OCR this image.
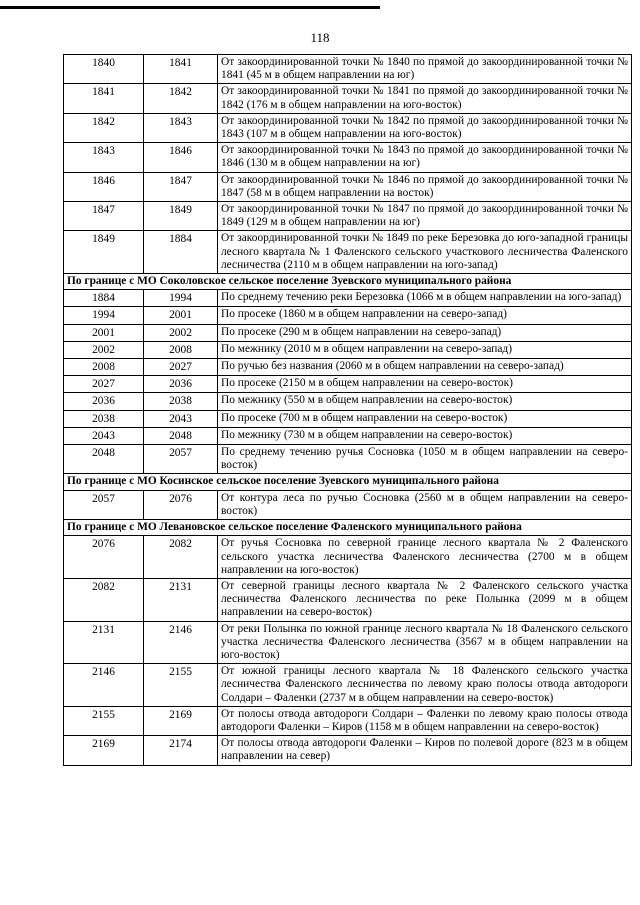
118
1840	1841	От закоординированной точки № 1840 по прямой до закоординированной точки № 1841 (45 м в общем направлении на юг)
1841	1842	От закоординированной точки № 1841 по прямой до закоординированной точки № 1842 (176 м в общем направлении на юго-восток)
1842	1843	От закоординированной точки № 1842 по прямой до закоординированной точки № 1843 (107 м в общем направлении на юго-восток)
1843	1846	От закоординированной точки № 1843 по прямой до закоординированной точки № 1846 (130 м в общем направлении на юг)
1846	1847	От закоординированной точки № 1846 по прямой до закоординированной точки № 1847 (58 м в общем направлении на восток)
1847	1849	От закоординированной точки № 1847 по прямой до закоординированной точки № 1849 (129 м в общем направлении на юг)
1849	1884	От закоординированной точки № 1849 по реке Березовка до юго-западной границы лесного квартала № 1 Фаленского сельского участкового лесничества Фаленского лесничества (2110 м в общем направлении на юго-запад)
По границе с МО Соколовское сельское поселение Зуевского муниципального района		
1884	1994	По среднему течению реки Березовка (1066 м в общем направлении на юго-запад)
1994	2001	По просеке (1860 м в общем направлении на северо-запад)
2001	2002	По просеке (290 м в общем направлении на северо-запад)
2002	2008	По межнику (2010 м в общем направлении на северо-запад)
2008	2027	По ручью без названия (2060 м в общем направлении на северо-запад)
2027	2036	По просеке (2150 м в общем направлении на северо-восток)
2036	2038	По межнику (550 м в общем направлении на северо-восток)
2038	2043	По просеке (700 м в общем направлении на северо-восток)
2043	2048	По межнику (730 м в общем направлении на северо-восток)
2048	2057	По среднему течению ручья Сосновка (1050 м в общем направлении на северо-восток)
По границе с МО Косинское сельское поселение Зуевского муниципального района		
2057	2076	От контура леса по ручью Сосновка (2560 м в общем направлении на северо-восток)
По границе с МО Левановское сельское поселение Фаленского муниципального района		
2076	2082	От ручья Сосновка по северной границе лесного квартала № 2 Фаленского сельского участка лесничества Фаленского лесничества (2700 м в общем направлении на юго-восток)
2082	2131	От северной границы лесного квартала № 2 Фаленского сельского участка лесничества Фаленского лесничества по реке Полынка (2099 м в общем направлении на северо-восток)
2131	2146	От реки Полынка по южной границе лесного квартала № 18 Фаленского сельского участка лесничества Фаленского лесничества (3567 м в общем направлении на юго-восток)
2146	2155	От южной границы лесного квартала № 18 Фаленского сельского участка лесничества Фаленского лесничества по левому краю полосы отвода автодороги Солдари – Фаленки (2737 м в общем направлении на северо-восток)
2155	2169	От полосы отвода автодороги Солдари – Фаленки по левому краю полосы отвода автодороги Фаленки – Киров (1158 м в общем направлении на северо-восток)
2169	2174	От полосы отвода автодороги Фаленки – Киров по полевой дороге (823 м в общем направлении на север)
